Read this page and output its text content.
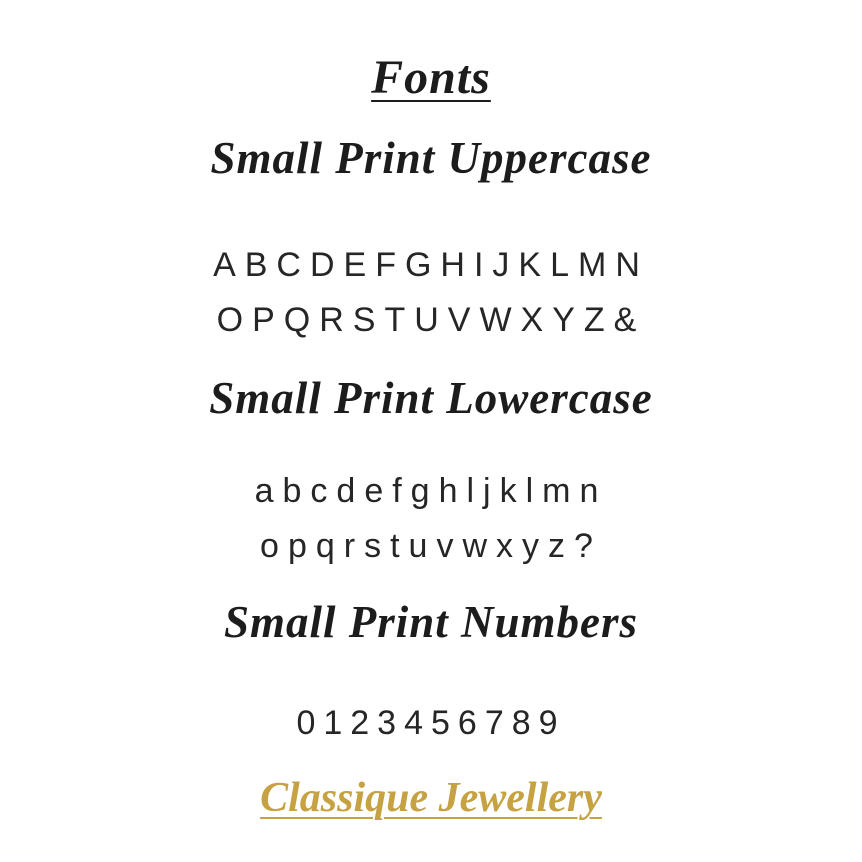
Fonts
Small Print Uppercase
ABCDEFGHIJKLMN
OPQRSTUVWXYZ&
Small Print Lowercase
abcdefghljklmn
opqrstuvwxyz?
Small Print Numbers
0123456789
Classique Jewellery
